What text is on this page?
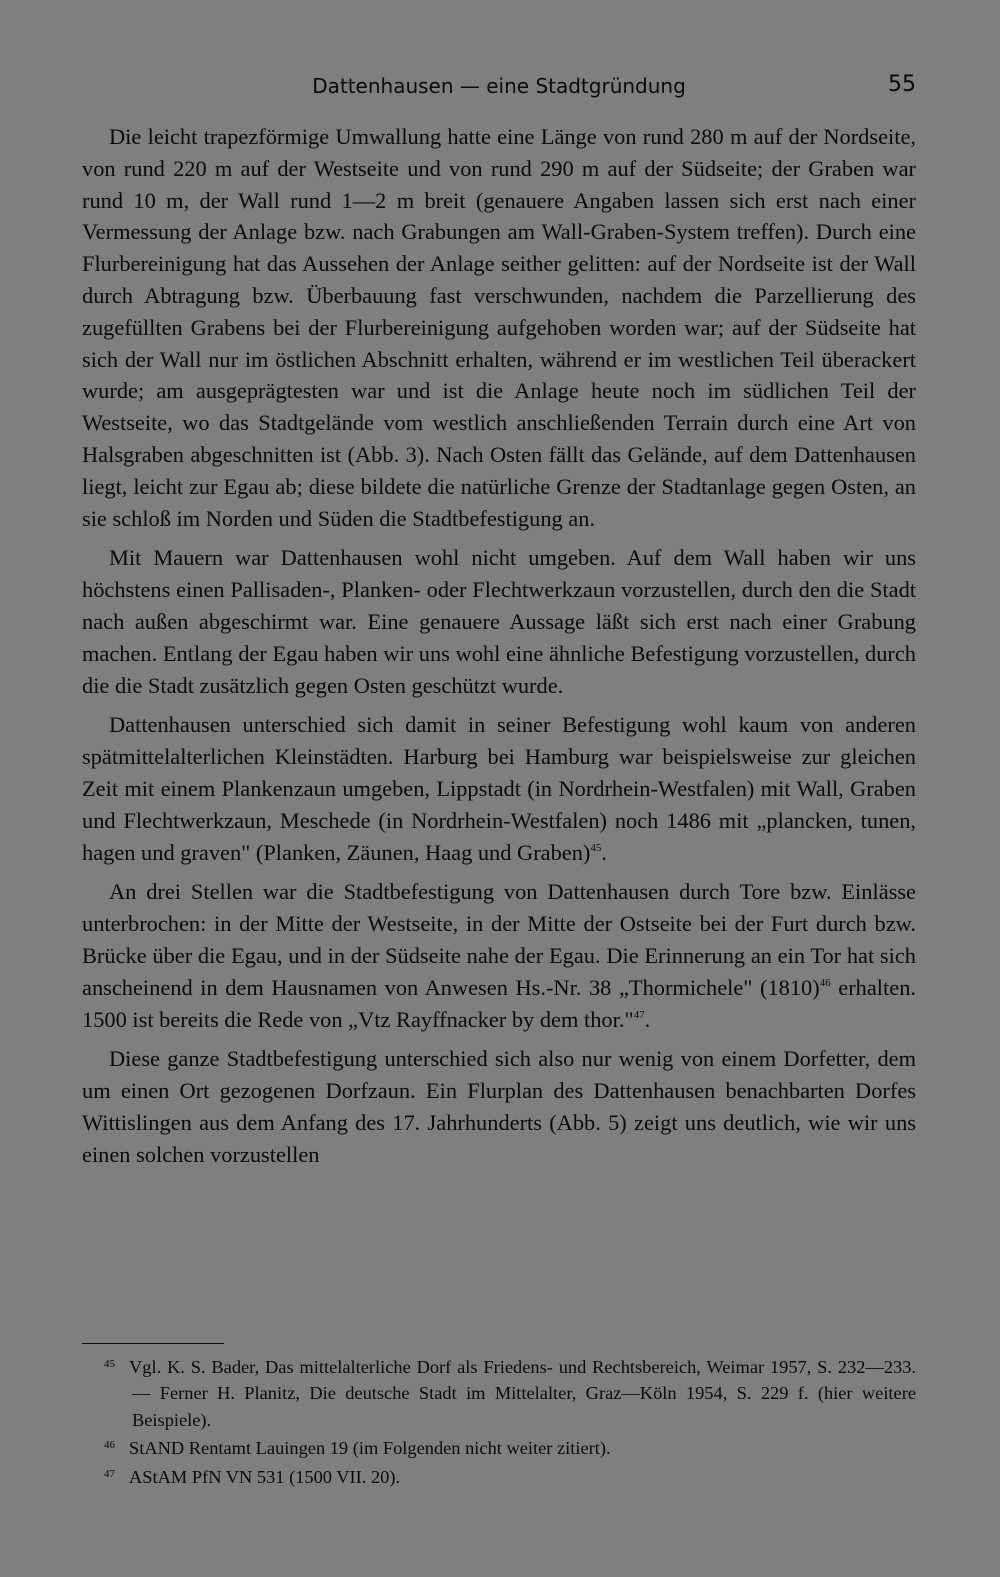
Dattenhausen — eine Stadtgründung	55

Die leicht trapezförmige Umwallung hatte eine Länge von rund 280 m auf der Nordseite, von rund 220 m auf der Westseite und von rund 290 m auf der Südseite; der Graben war rund 10 m, der Wall rund 1—2 m breit (genauere Angaben lassen sich erst nach einer Vermessung der Anlage bzw. nach Grabungen am Wall-Graben-System treffen). Durch eine Flurbereinigung hat das Aussehen der Anlage seither gelitten: auf der Nordseite ist der Wall durch Abtragung bzw. Überbauung fast verschwunden, nachdem die Parzellierung des zugefüllten Grabens bei der Flurbereinigung aufgehoben worden war; auf der Südseite hat sich der Wall nur im östlichen Abschnitt erhalten, während er im westlichen Teil überackert wurde; am ausgeprägtesten war und ist die Anlage heute noch im südlichen Teil der Westseite, wo das Stadtgelände vom westlich anschließenden Terrain durch eine Art von Halsgraben abgeschnitten ist (Abb. 3). Nach Osten fällt das Gelände, auf dem Dattenhausen liegt, leicht zur Egau ab; diese bildete die natürliche Grenze der Stadtanlage gegen Osten, an sie schloß im Norden und Süden die Stadtbefestigung an.

Mit Mauern war Dattenhausen wohl nicht umgeben. Auf dem Wall haben wir uns höchstens einen Pallisaden-, Planken- oder Flechtwerkzaun vorzustellen, durch den die Stadt nach außen abgeschirmt war. Eine genauere Aussage läßt sich erst nach einer Grabung machen. Entlang der Egau haben wir uns wohl eine ähnliche Befestigung vorzustellen, durch die die Stadt zusätzlich gegen Osten geschützt wurde.

Dattenhausen unterschied sich damit in seiner Befestigung wohl kaum von anderen spätmittelalterlichen Kleinstädten. Harburg bei Hamburg war beispielsweise zur gleichen Zeit mit einem Plankenzaun umgeben, Lippstadt (in Nordrhein-Westfalen) mit Wall, Graben und Flechtwerkzaun, Meschede (in Nordrhein-Westfalen) noch 1486 mit „plancken, tunen, hagen und graven" (Planken, Zäunen, Haag und Graben)$^{45}$.

An drei Stellen war die Stadtbefestigung von Dattenhausen durch Tore bzw. Einlässe unterbrochen: in der Mitte der Westseite, in der Mitte der Ostseite bei der Furt durch bzw. Brücke über die Egau, und in der Südseite nahe der Egau. Die Erinnerung an ein Tor hat sich anscheinend in dem Hausnamen von Anwesen Hs.-Nr. 38 „Thormichele" $(1810)^{46}$ erhalten. 1500 ist bereits die Rede von „Vtz Rayffnacker by dem thor."$^{47}$.

Diese ganze Stadtbefestigung unterschied sich also nur wenig von einem Dorfetter, dem um einen Ort gezogenen Dorfzaun. Ein Flurplan des Dattenhausen benachbarten Dorfes Wittislingen aus dem Anfang des 17. Jahrhunderts (Abb. 5) zeigt uns deutlich, wie wir uns einen solchen vorzustellen

45 Vgl. K. S. Bader, Das mittelalterliche Dorf als Friedens- und Rechtsbereich, Weimar 1957, S. 232—233. — Ferner H. Planitz, Die deutsche Stadt im Mittelalter, Graz—Köln 1954, S. 229 f. (hier weitere Beispiele).
46 StAND Rentamt Lauingen 19 (im Folgenden nicht weiter zitiert).
47 AStAM PfN VN 531 (1500 VII. 20).
